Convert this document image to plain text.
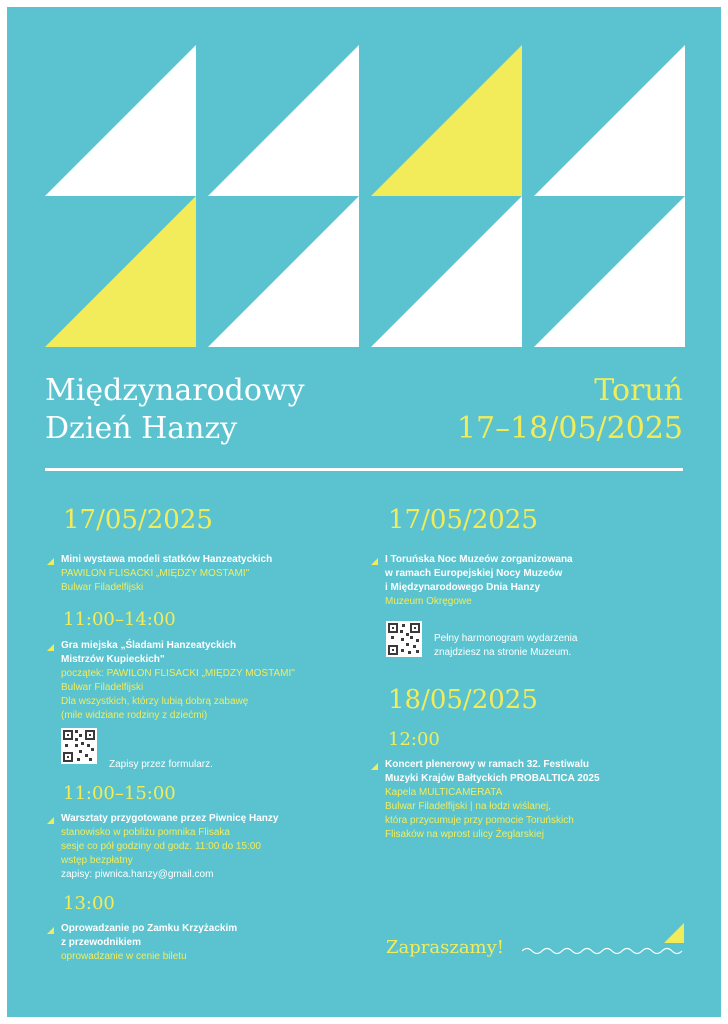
Międzynarodowy
Dzień Hanzy
Toruń
17–18/05/2025
17/05/2025
Mini wystawa modeli statków Hanzeatyckich
PAWILON FLISACKI „MIĘDZY MOSTAMI"
Bulwar Filadelfijski
11:00–14:00
Gra miejska „Śladami Hanzeatyckich
Mistrzów Kupieckich"
początek: PAWILON FLISACKI „MIĘDZY MOSTAMI"
Bulwar Filadelfijski
Dla wszystkich, którzy lubią dobrą zabawę
(mile widziane rodziny z dziećmi)
Zapisy przez formularz.
11:00–15:00
Warsztaty przygotowane przez Piwnicę Hanzy
stanowisko w pobliżu pomnika Flisaka
sesje co pół godziny od godz. 11:00 do 15:00
wstęp bezpłatny
zapisy: piwnica.hanzy@gmail.com
13:00
Oprowadzanie po Zamku Krzyżackim
z przewodnikiem
oprowadzanie w cenie biletu
17/05/2025
I Toruńska Noc Muzeów zorganizowana
w ramach Europejskiej Nocy Muzeów
i Międzynarodowego Dnia Hanzy
Muzeum Okręgowe
Pełny harmonogram wydarzenia
znajdziesz na stronie Muzeum.
18/05/2025
12:00
Koncert plenerowy w ramach 32. Festiwalu
Muzyki Krajów Bałtyckich PROBALTICA 2025
Kapela MULTICAMERATA
Bulwar Filadelfijski | na łodzi wiślanej,
która przycumuje przy pomocie Toruńskich
Flisaków na wprost ulicy Żeglarskiej
Zapraszamy!
